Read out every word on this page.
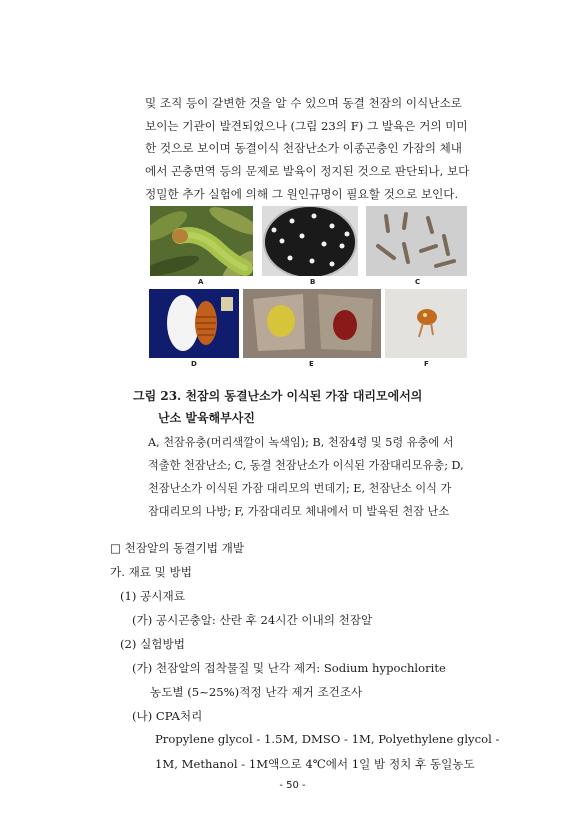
및 조직 등이 갈변한 것을 알 수 있으며 동결 천잠의 이식난소로
보이는 기관이 발견되었으나 (그림 23의 F) 그 발육은 거의 미미
한 것으로 보이며 동결이식 천잠난소가 이종곤충인 가잠의 체내
에서 곤충면역 등의 문제로 발육이 정지된 것으로 판단되나, 보다
정밀한 추가 실험에 의해 그 원인규명이 필요할 것으로 보인다.
A	B	C
D	E	F
그림 23. 천잠의 동결난소가 이식된 가잠 대리모에서의
난소 발육해부사진
A, 천잠유충(머리색깔이 녹색임); B, 천잠4령 및 5령 유충에 서
적출한 천잠난소; C, 동결 천잠난소가 이식된 가잠대리모유충; D,
천잠난소가 이식된 가잠 대리모의 번데기; E, 천잠난소 이식 가
잠대리모의 나방; F, 가잠대리모 체내에서 미 발육된 천잠 난소
□ 천잠알의 동결기법 개발
가. 재료 및 방법
(1) 공시재료
(가) 공시곤충알: 산란 후 24시간 이내의 천잠알
(2) 실험방법
(가) 천잠알의 접착물질 및 난각 제거: Sodium hypochlorite
농도별 (5~25%)적정 난각 제거 조건조사
(나) CPA처리
Propylene glycol - 1.5M, DMSO - 1M, Polyethylene glycol -
1M, Methanol - 1M액으로 4℃에서 1일 밤 정치 후 동일농도
- 50 -
